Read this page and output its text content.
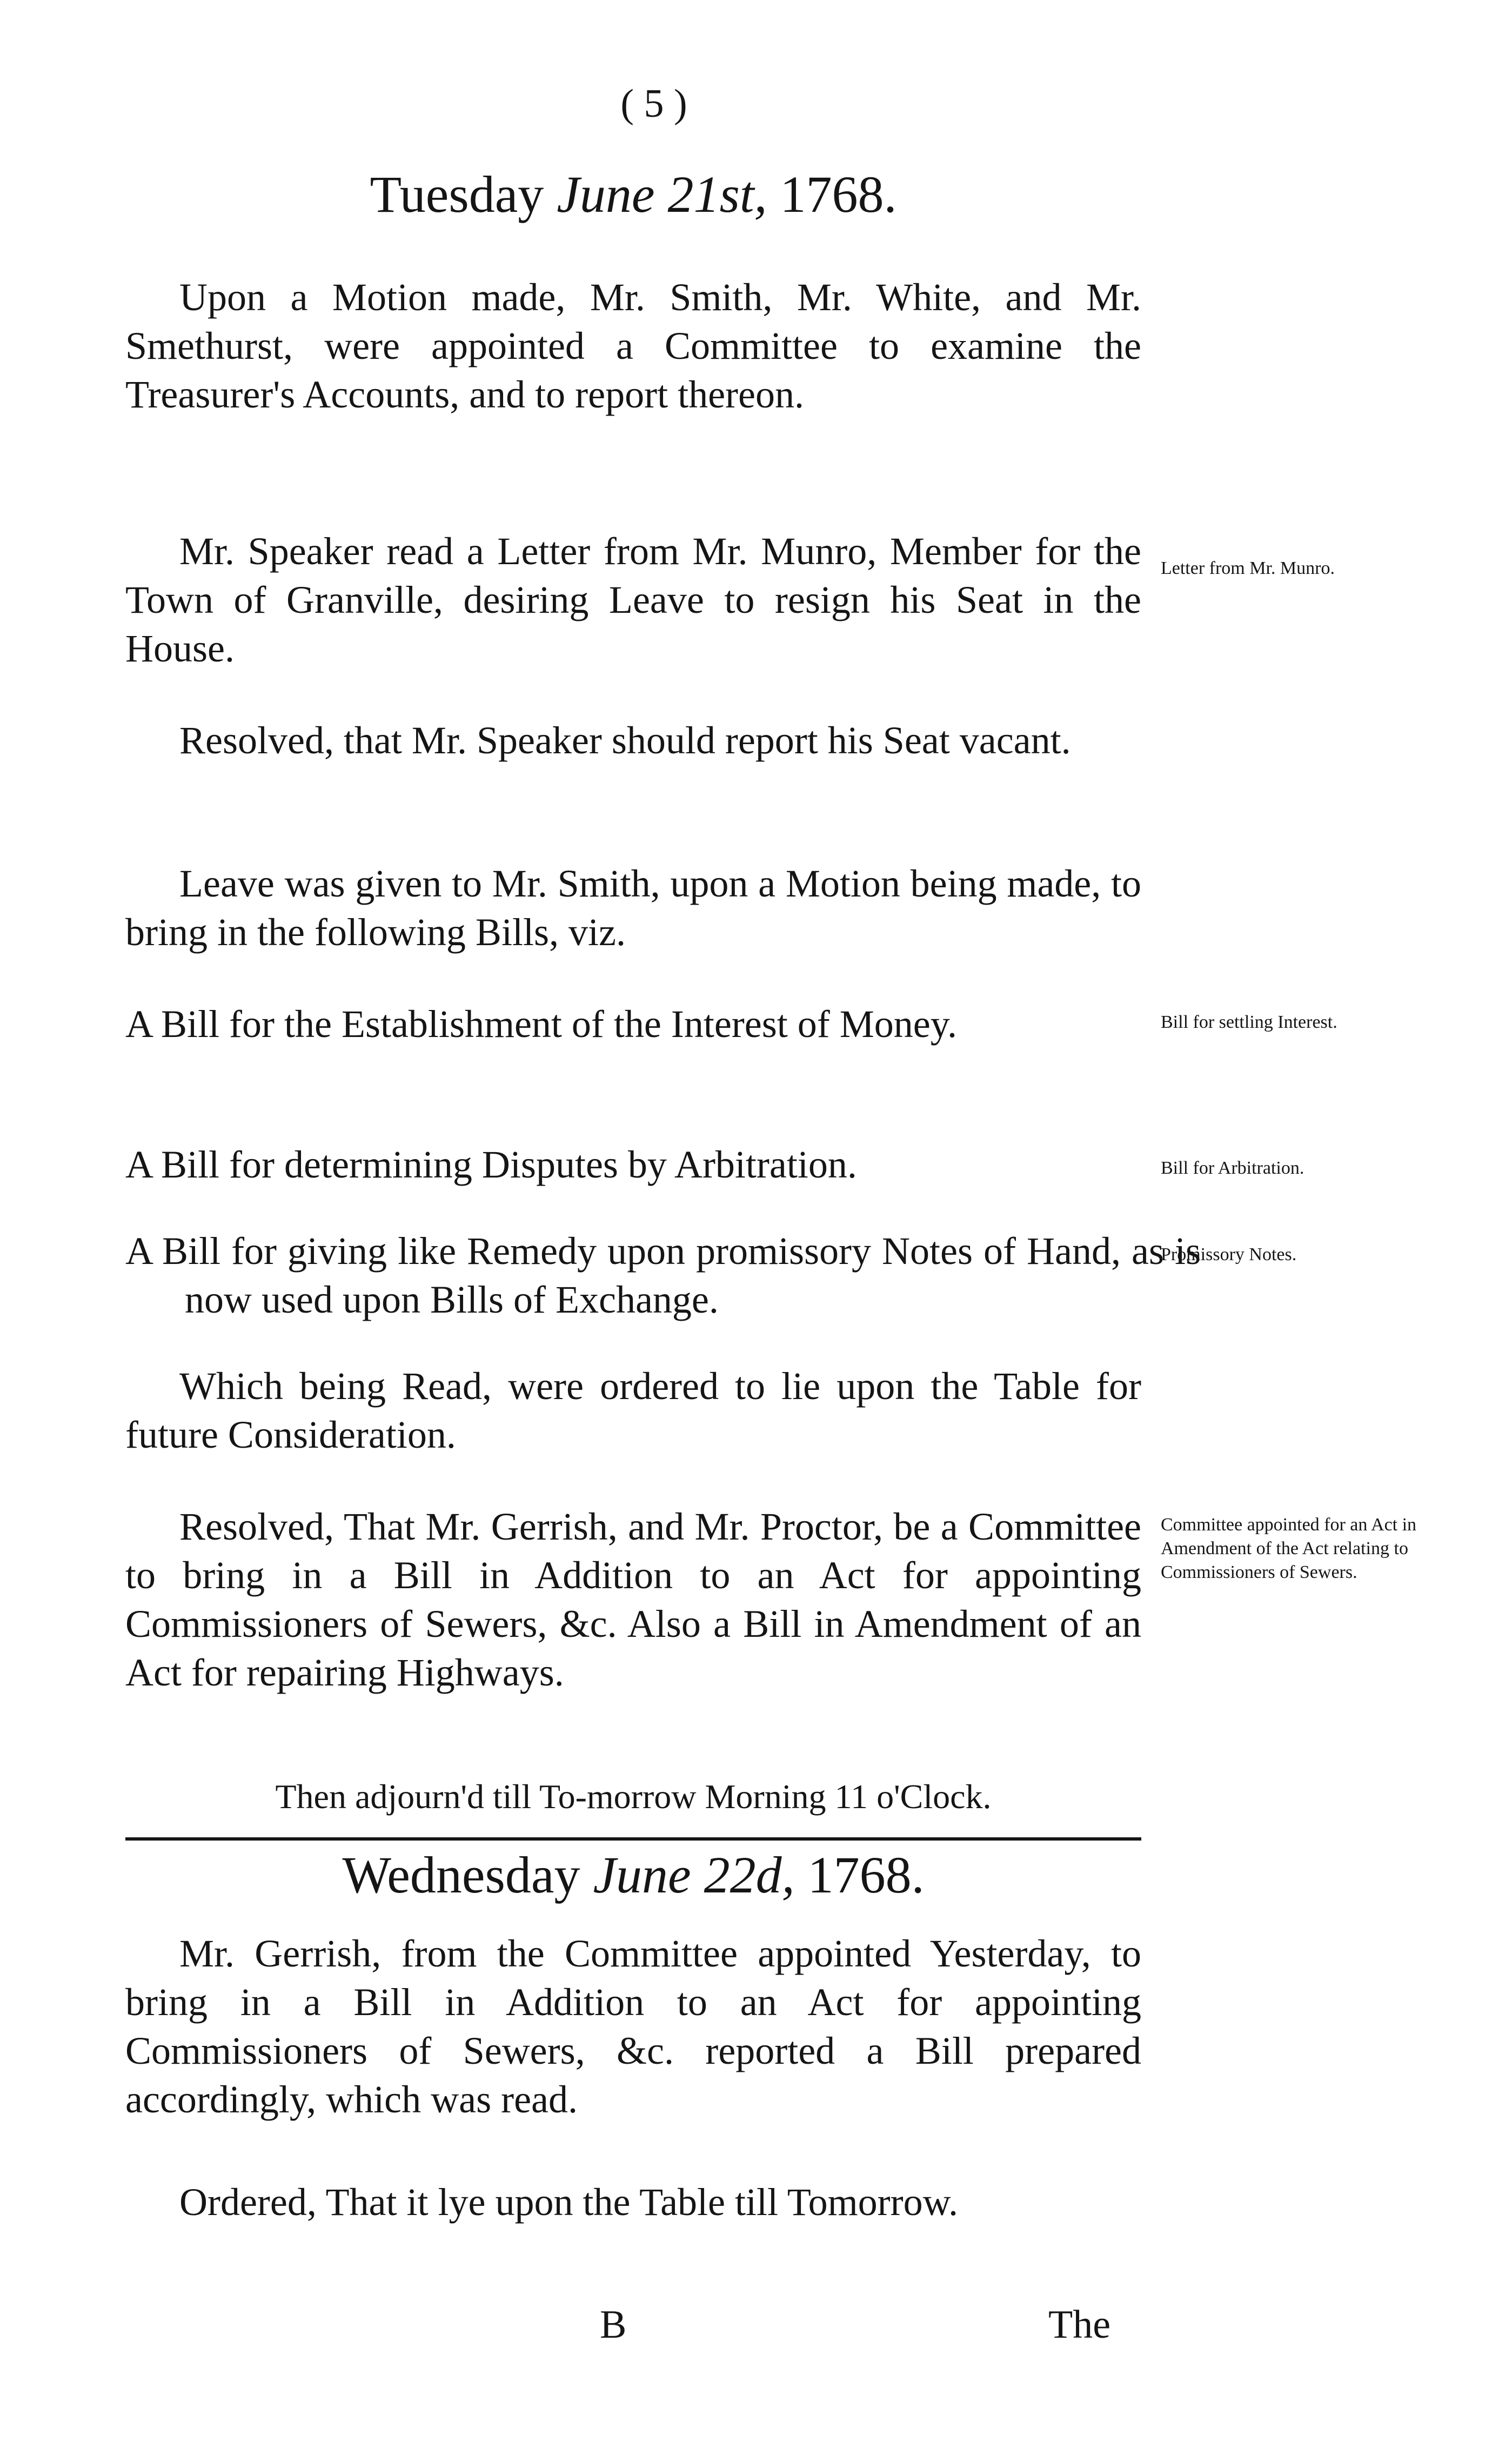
( 5 )
Tuesday June 21st, 1768.
Upon a Motion made, Mr. Smith, Mr. White, and Mr. Smethurst, were appointed a Committee to examine the Treasurer's Accounts, and to report thereon.
Mr. Speaker read a Letter from Mr. Munro, Member for the Town of Granville, desiring Leave to resign his Seat in the House.
Letter from Mr. Munro.
Resolved, that Mr. Speaker should report his Seat vacant.
Leave was given to Mr. Smith, upon a Motion being made, to bring in the following Bills, viz.
A Bill for the Establishment of the Interest of Money.	Bill for settling Interest.
A Bill for determining Disputes by Arbitration.	Bill for Arbitration.
A Bill for giving like Remedy upon promissory Notes of Hand, as is now used upon Bills of Exchange.
Promissory Notes.
Which being Read, were ordered to lie upon the Table for future Consideration.
Resolved, That Mr. Gerrish, and Mr. Proctor, be a Committee to bring in a Bill in Addition to an Act for appointing Commissioners of Sewers, &c. Also a Bill in Amendment of an Act for repairing Highways.
Committee appointed for an Act in Amendment of the Act relating to Commissioners of Sewers.
Then adjourn'd till To-morrow Morning 11 o'Clock.
Wednesday June 22d, 1768.
Mr. Gerrish, from the Committee appointed Yesterday, to bring in a Bill in Addition to an Act for appointing Commissioners of Sewers, &c. reported a Bill prepared accordingly, which was read.
Ordered, That it lye upon the Table till Tomorrow.
B	The
